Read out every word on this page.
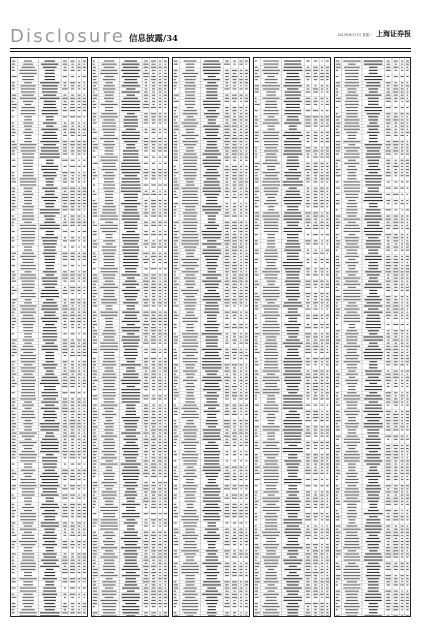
Disclosure 信息披露 /34	2013年8月27日 星期二 上海证券报
